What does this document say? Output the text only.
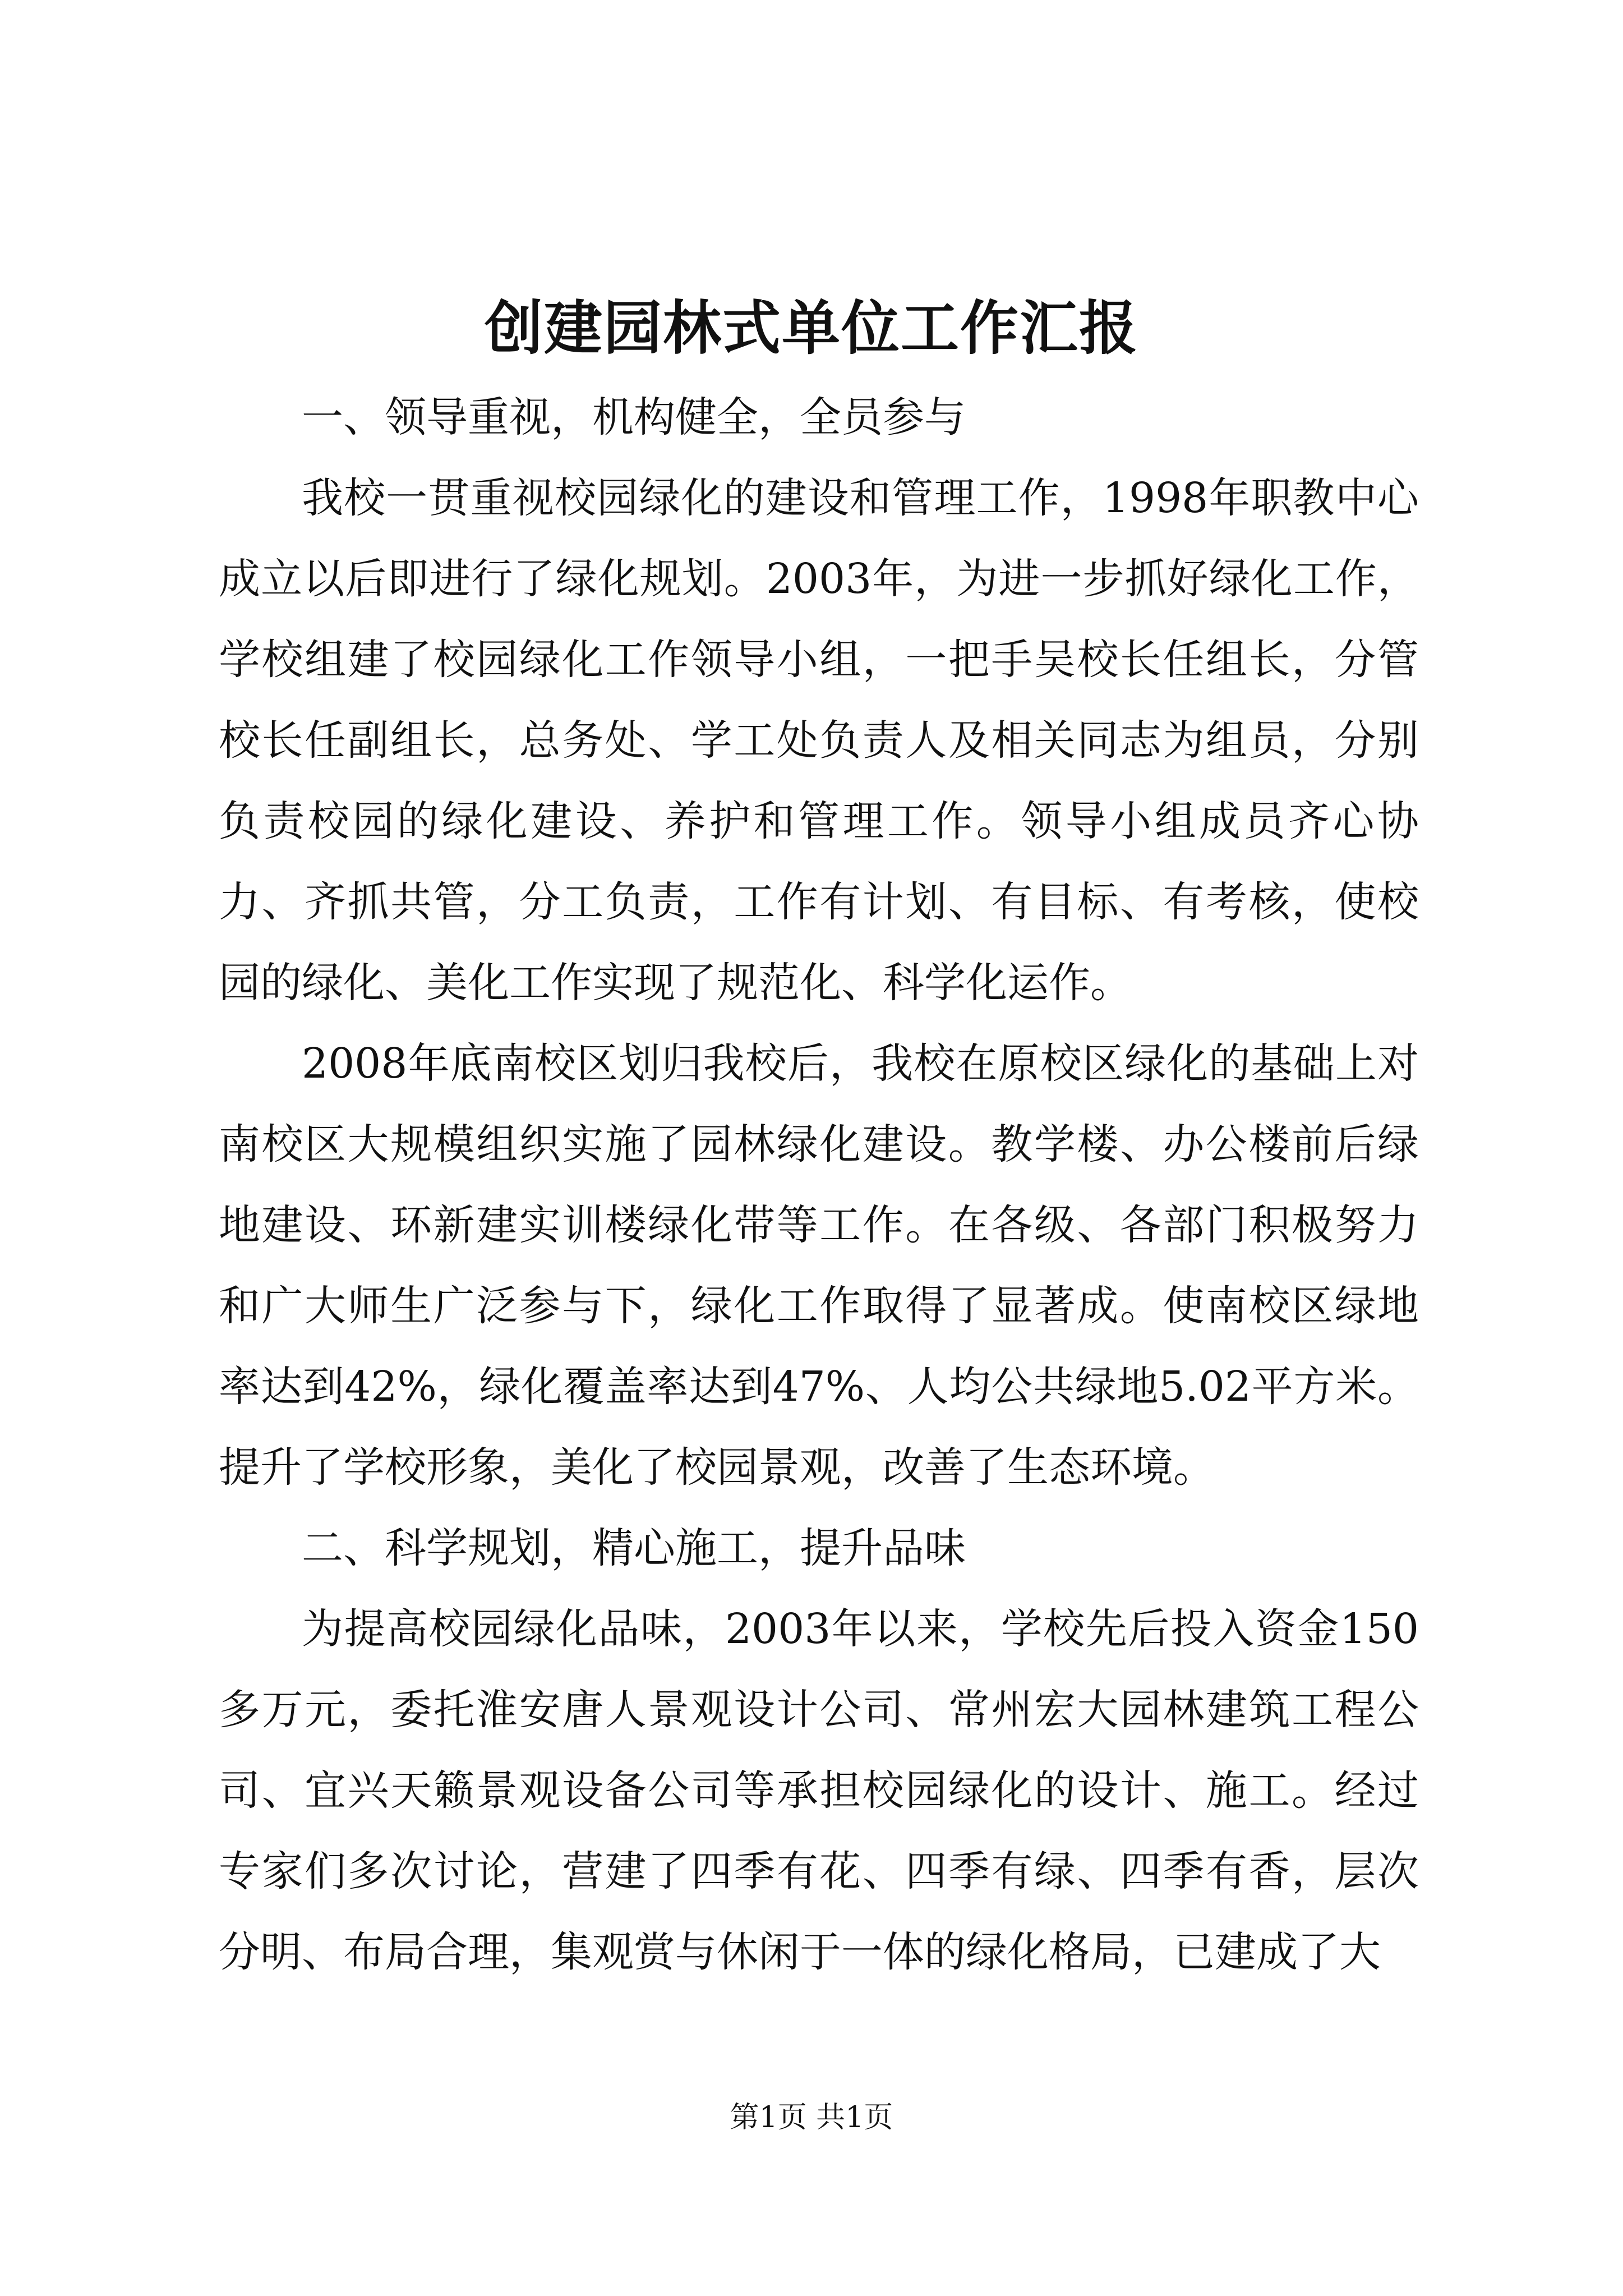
创建园林式单位工作汇报

一、领导重视，机构健全，全员参与

我校一贯重视校园绿化的建设和管理工作，1998年职教中心成立以后即进行了绿化规划。2003年，为进一步抓好绿化工作，学校组建了校园绿化工作领导小组，一把手吴校长任组长，分管校长任副组长，总务处、学工处负责人及相关同志为组员，分别负责校园的绿化建设、养护和管理工作。领导小组成员齐心协力、齐抓共管，分工负责，工作有计划、有目标、有考核，使校园的绿化、美化工作实现了规范化、科学化运作。

2008年底南校区划归我校后，我校在原校区绿化的基础上对南校区大规模组织实施了园林绿化建设。教学楼、办公楼前后绿地建设、环新建实训楼绿化带等工作。在各级、各部门积极努力和广大师生广泛参与下，绿化工作取得了显著成。使南校区绿地率达到42%，绿化覆盖率达到47%、人均公共绿地5.02平方米。提升了学校形象，美化了校园景观，改善了生态环境。

二、科学规划，精心施工，提升品味

为提高校园绿化品味，2003年以来，学校先后投入资金150多万元，委托淮安唐人景观设计公司、常州宏大园林建筑工程公司、宜兴天籁景观设备公司等承担校园绿化的设计、施工。经过专家们多次讨论，营建了四季有花、四季有绿、四季有香，层次分明、布局合理，集观赏与休闲于一体的绿化格局，已建成了大

第1页 共1页
